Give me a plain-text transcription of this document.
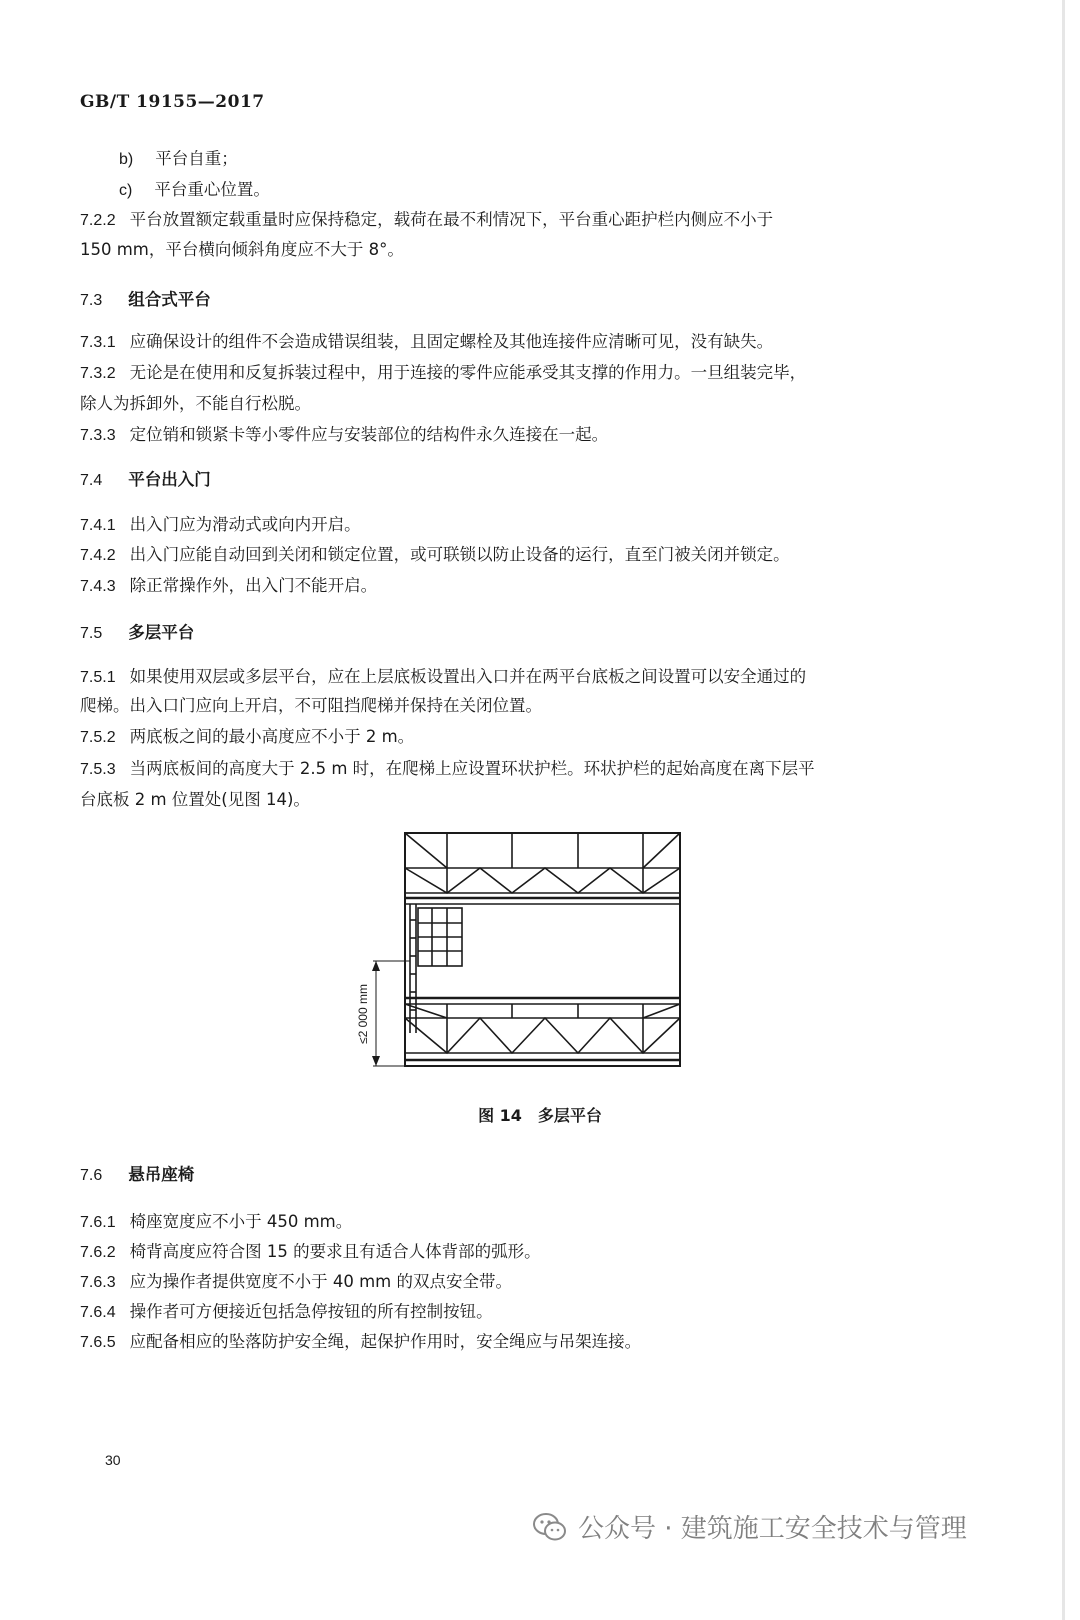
GB/T 19155—2017
b) 平台自重；
c) 平台重心位置。
7.2.2 平台放置额定载重量时应保持稳定，载荷在最不利情况下，平台重心距护栏内侧应不小于
150 mm，平台横向倾斜角度应不大于 8°。
7.3 组合式平台
7.3.1 应确保设计的组件不会造成错误组装，且固定螺栓及其他连接件应清晰可见，没有缺失。
7.3.2 无论是在使用和反复拆装过程中，用于连接的零件应能承受其支撑的作用力。一旦组装完毕，
除人为拆卸外，不能自行松脱。
7.3.3 定位销和锁紧卡等小零件应与安装部位的结构件永久连接在一起。
7.4 平台出入门
7.4.1 出入门应为滑动式或向内开启。
7.4.2 出入门应能自动回到关闭和锁定位置，或可联锁以防止设备的运行，直至门被关闭并锁定。
7.4.3 除正常操作外，出入门不能开启。
7.5 多层平台
7.5.1 如果使用双层或多层平台，应在上层底板设置出入口并在两平台底板之间设置可以安全通过的
爬梯。出入口门应向上开启，不可阻挡爬梯并保持在关闭位置。
7.5.2 两底板之间的最小高度应不小于 2 m。
7.5.3 当两底板间的高度大于 2.5 m 时，在爬梯上应设置环状护栏。环状护栏的起始高度在离下层平
台底板 2 m 位置处(见图 14)。
7.6 悬吊座椅
7.6.1 椅座宽度应不小于 450 mm。
7.6.2 椅背高度应符合图 15 的要求且有适合人体背部的弧形。
7.6.3 应为操作者提供宽度不小于 40 mm 的双点安全带。
7.6.4 操作者可方便接近包括急停按钮的所有控制按钮。
7.6.5 应配备相应的坠落防护安全绳，起保护作用时，安全绳应与吊架连接。
≤2 000 mm
图 14　多层平台
30
公众号 · 建筑施工安全技术与管理
